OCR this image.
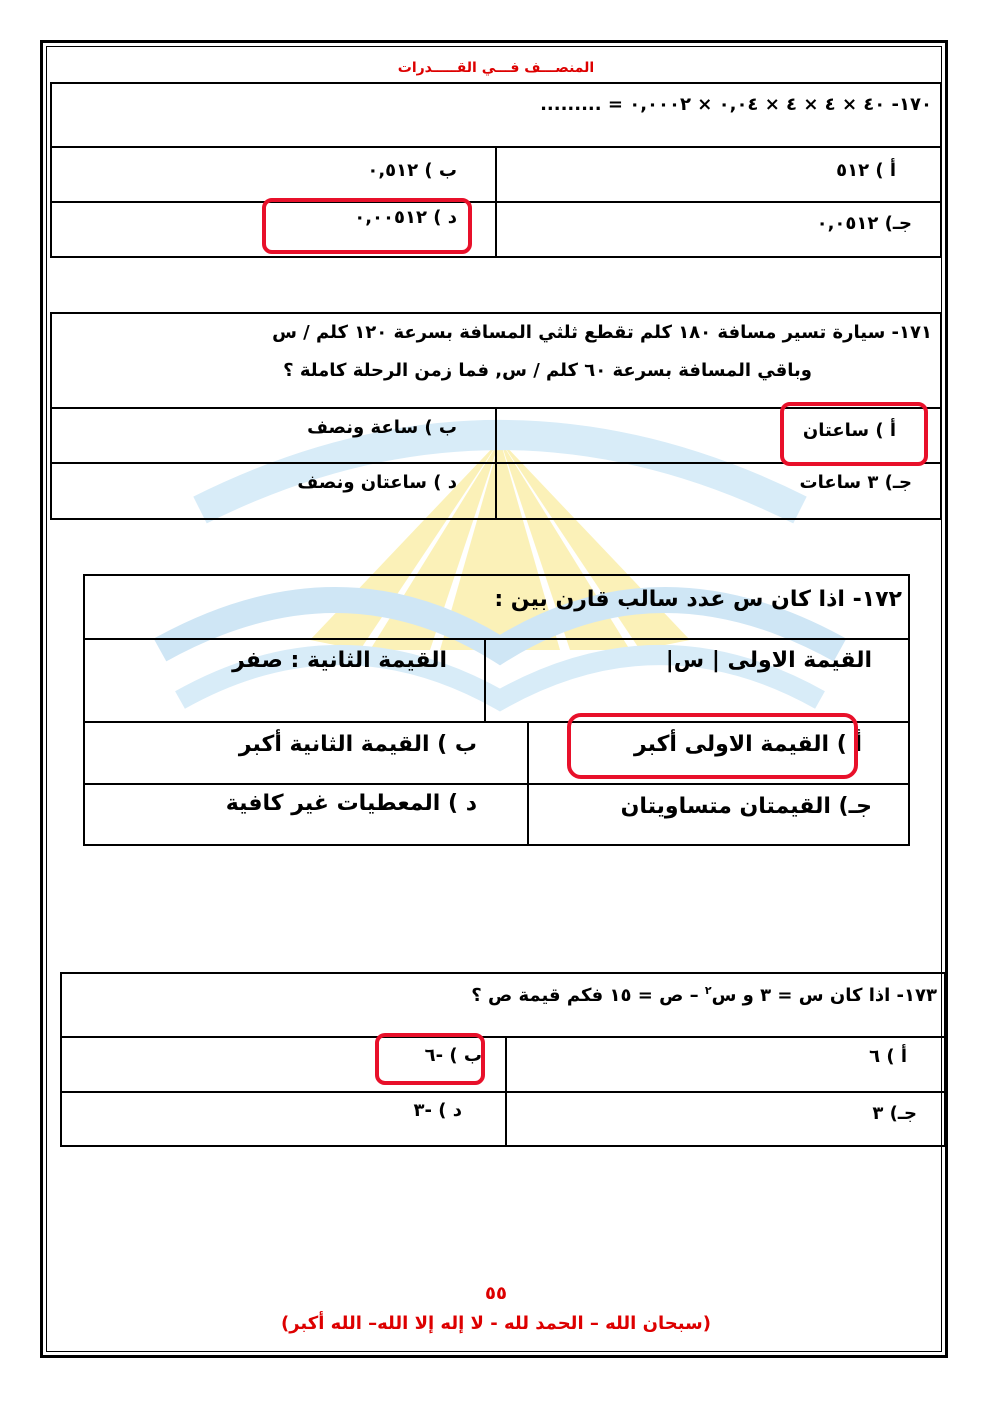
المنصـــف فـــي القـــــدرات
١٧٠- ٤٠ × ٤ × ٤ × ٠,٠٤ × ٠,٠٠٠٢ = .........
أ ) ٥١٢
ب ) ٠,٥١٢
جـ) ٠,٠٥١٢
د ) ٠,٠٠٥١٢
١٧١- سيارة تسير مسافة ١٨٠ كلم تقطع ثلثي المسافة بسرعة ١٢٠ كلم / س
وباقي المسافة بسرعة ٦٠ كلم / س, فما زمن الرحلة كاملة ؟
أ ) ساعتان
ب ) ساعة ونصف
جـ) ٣ ساعات
د ) ساعتان ونصف
١٧٢- اذا كان س عدد سالب قارن بين :
القيمة الاولى | س|
القيمة الثانية : صفر
أ ) القيمة الاولى أكبر
ب ) القيمة الثانية أكبر
جـ) القيمتان متساويتان
د ) المعطيات غير كافية
١٧٣- اذا كان س = ٣ و س$^٢$ – ص = ١٥ فكم قيمة ص ؟
أ ) ٦
ب ) -٦
جـ) ٣
د ) -٣
٥٥
(سبحان الله – الحمد لله - لا إله إلا الله– الله أكبر)
